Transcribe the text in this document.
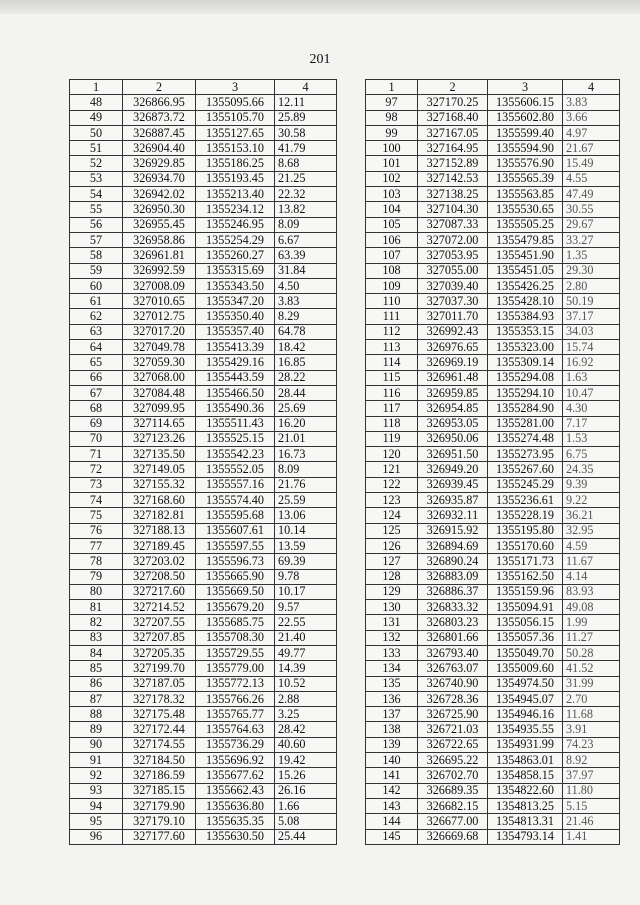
201
1	2	3	4
48	326866.95	1355095.66	12.11
49	326873.72	1355105.70	25.89
50	326887.45	1355127.65	30.58
51	326904.40	1355153.10	41.79
52	326929.85	1355186.25	8.68
53	326934.70	1355193.45	21.25
54	326942.02	1355213.40	22.32
55	326950.30	1355234.12	13.82
56	326955.45	1355246.95	8.09
57	326958.86	1355254.29	6.67
58	326961.81	1355260.27	63.39
59	326992.59	1355315.69	31.84
60	327008.09	1355343.50	4.50
61	327010.65	1355347.20	3.83
62	327012.75	1355350.40	8.29
63	327017.20	1355357.40	64.78
64	327049.78	1355413.39	18.42
65	327059.30	1355429.16	16.85
66	327068.00	1355443.59	28.22
67	327084.48	1355466.50	28.44
68	327099.95	1355490.36	25.69
69	327114.65	1355511.43	16.20
70	327123.26	1355525.15	21.01
71	327135.50	1355542.23	16.73
72	327149.05	1355552.05	8.09
73	327155.32	1355557.16	21.76
74	327168.60	1355574.40	25.59
75	327182.81	1355595.68	13.06
76	327188.13	1355607.61	10.14
77	327189.45	1355597.55	13.59
78	327203.02	1355596.73	69.39
79	327208.50	1355665.90	9.78
80	327217.60	1355669.50	10.17
81	327214.52	1355679.20	9.57
82	327207.55	1355685.75	22.55
83	327207.85	1355708.30	21.40
84	327205.35	1355729.55	49.77
85	327199.70	1355779.00	14.39
86	327187.05	1355772.13	10.52
87	327178.32	1355766.26	2.88
88	327175.48	1355765.77	3.25
89	327172.44	1355764.63	28.42
90	327174.55	1355736.29	40.60
91	327184.50	1355696.92	19.42
92	327186.59	1355677.62	15.26
93	327185.15	1355662.43	26.16
94	327179.90	1355636.80	1.66
95	327179.10	1355635.35	5.08
96	327177.60	1355630.50	25.44
1	2	3	4
97	327170.25	1355606.15	3.83
98	327168.40	1355602.80	3.66
99	327167.05	1355599.40	4.97
100	327164.95	1355594.90	21.67
101	327152.89	1355576.90	15.49
102	327142.53	1355565.39	4.55
103	327138.25	1355563.85	47.49
104	327104.30	1355530.65	30.55
105	327087.33	1355505.25	29.67
106	327072.00	1355479.85	33.27
107	327053.95	1355451.90	1.35
108	327055.00	1355451.05	29.30
109	327039.40	1355426.25	2.80
110	327037.30	1355428.10	50.19
111	327011.70	1355384.93	37.17
112	326992.43	1355353.15	34.03
113	326976.65	1355323.00	15.74
114	326969.19	1355309.14	16.92
115	326961.48	1355294.08	1.63
116	326959.85	1355294.10	10.47
117	326954.85	1355284.90	4.30
118	326953.05	1355281.00	7.17
119	326950.06	1355274.48	1.53
120	326951.50	1355273.95	6.75
121	326949.20	1355267.60	24.35
122	326939.45	1355245.29	9.39
123	326935.87	1355236.61	9.22
124	326932.11	1355228.19	36.21
125	326915.92	1355195.80	32.95
126	326894.69	1355170.60	4.59
127	326890.24	1355171.73	11.67
128	326883.09	1355162.50	4.14
129	326886.37	1355159.96	83.93
130	326833.32	1355094.91	49.08
131	326803.23	1355056.15	1.99
132	326801.66	1355057.36	11.27
133	326793.40	1355049.70	50.28
134	326763.07	1355009.60	41.52
135	326740.90	1354974.50	31.99
136	326728.36	1354945.07	2.70
137	326725.90	1354946.16	11.68
138	326721.03	1354935.55	3.91
139	326722.65	1354931.99	74.23
140	326695.22	1354863.01	8.92
141	326702.70	1354858.15	37.97
142	326689.35	1354822.60	11.80
143	326682.15	1354813.25	5.15
144	326677.00	1354813.31	21.46
145	326669.68	1354793.14	1.41
